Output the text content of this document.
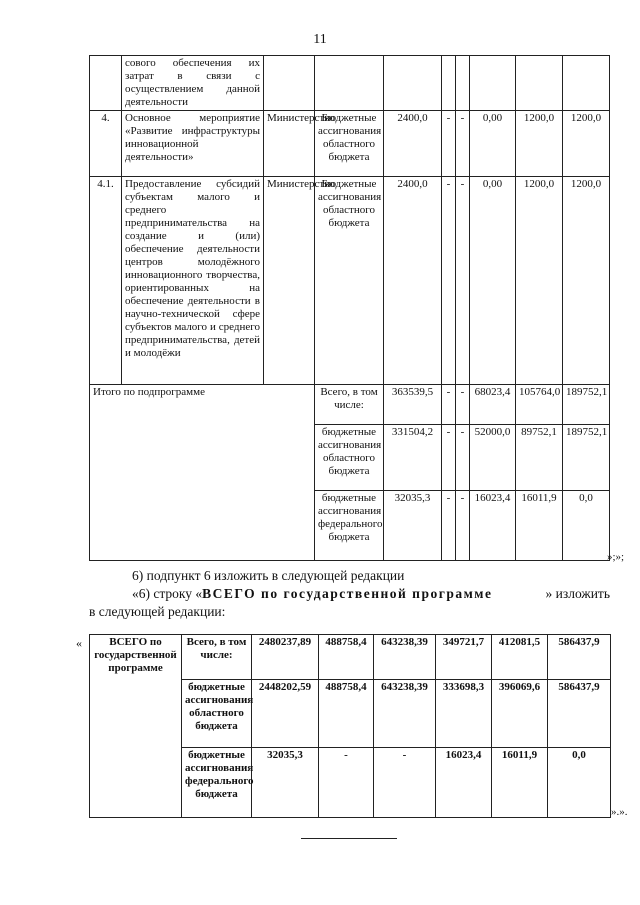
11
	сового обеспечения их затрат в связи с осуществлением данной деятельности								
4.	Основное мероприятие «Развитие инфраструктуры инновационной деятельности»	Министерство	Бюджетные ассигнования областного бюджета	2400,0	-	-	0,00	1200,0	1200,0
4.1.	Предоставление субсидий субъектам малого и среднего предпринимательства на создание и (или) обеспечение деятельности центров молодёжного инновационного творчества, ориентированных на обеспечение деятельности в научно-технической сфере субъектов малого и среднего предпринимательства, детей и молодёжи	Министерство	Бюджетные ассигнования областного бюджета	2400,0	-	-	0,00	1200,0	1200,0
Итого по подпрограмме			Всего, в том числе:	363539,5	-	-	68023,4	105764,0	189752,1
			бюджетные ассигнования областного бюджета	331504,2	-	-	52000,0	89752,1	189752,1
			бюджетные ассигнования федерального бюджета	32035,3	-	-	16023,4	16011,9	0,0
»;»;
6) подпункт 6 изложить в следующей редакции
«6) строку «ВСЕГО по государственной программе	» изложить
в следующей редакции:
« ВСЕГО по государственной программе	Всего, в том числе:	2480237,89	488758,4	643238,39	349721,7	412081,5	586437,9
	бюджетные ассигнования областного бюджета	2448202,59	488758,4	643238,39	333698,3	396069,6	586437,9
	бюджетные ассигнования федерального бюджета	32035,3	-	-	16023,4	16011,9	0,0
».».
